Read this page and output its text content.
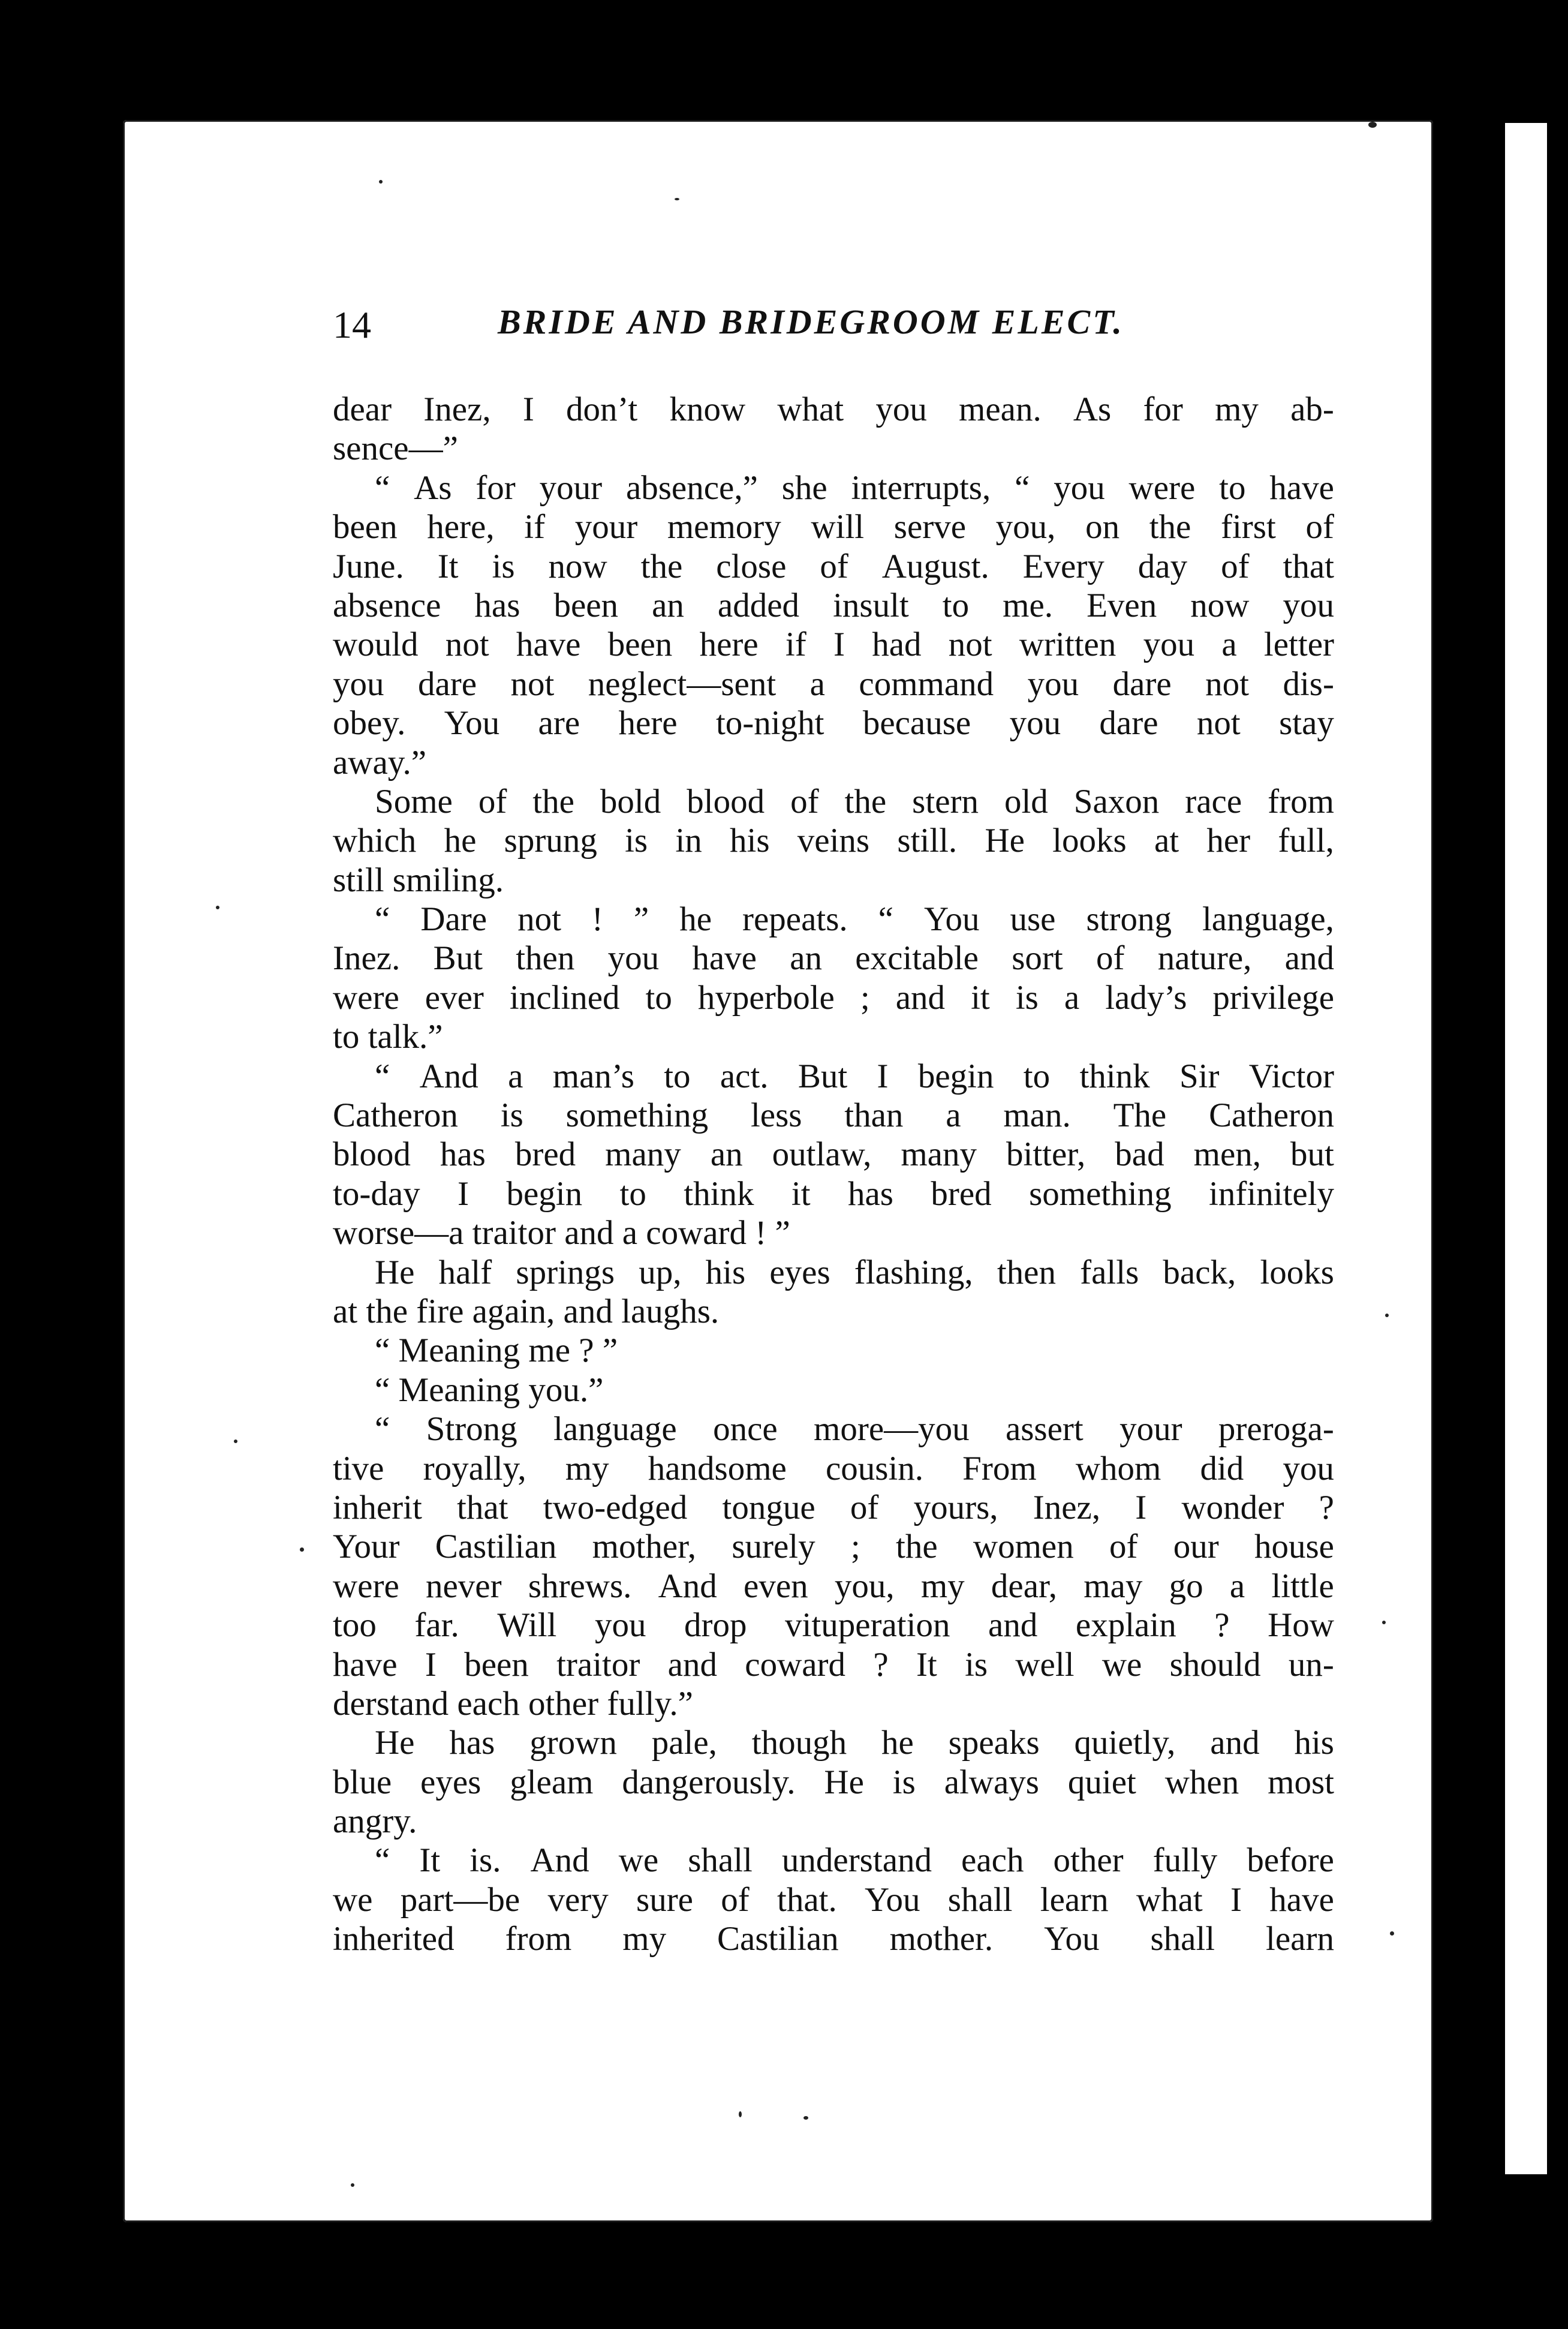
14	BRIDE AND BRIDEGROOM ELECT.
dear Inez, I don’t know what you mean. As for my ab-
sence—”
“ As for your absence,” she interrupts, “ you were to have
been here, if your memory will serve you, on the first of
June. It is now the close of August. Every day of that
absence has been an added insult to me. Even now you
would not have been here if I had not written you a letter
you dare not neglect—sent a command you dare not dis-
obey. You are here to-night because you dare not stay
away.”
Some of the bold blood of the stern old Saxon race from
which he sprung is in his veins still. He looks at her full,
still smiling.
“ Dare not ! ” he repeats. “ You use strong language,
Inez. But then you have an excitable sort of nature, and
were ever inclined to hyperbole ; and it is a lady’s privilege
to talk.”
“ And a man’s to act. But I begin to think Sir Victor
Catheron is something less than a man. The Catheron
blood has bred many an outlaw, many bitter, bad men, but
to-day I begin to think it has bred something infinitely
worse—a traitor and a coward ! ”
He half springs up, his eyes flashing, then falls back, looks
at the fire again, and laughs.
“ Meaning me ? ”
“ Meaning you.”
“ Strong language once more—you assert your preroga-
tive royally, my handsome cousin. From whom did you
inherit that two-edged tongue of yours, Inez, I wonder ?
Your Castilian mother, surely ; the women of our house
were never shrews. And even you, my dear, may go a little
too far. Will you drop vituperation and explain ? How
have I been traitor and coward ? It is well we should un-
derstand each other fully.”
He has grown pale, though he speaks quietly, and his
blue eyes gleam dangerously. He is always quiet when most
angry.
“ It is. And we shall understand each other fully before
we part—be very sure of that. You shall learn what I have
inherited from my Castilian mother. You shall learn
